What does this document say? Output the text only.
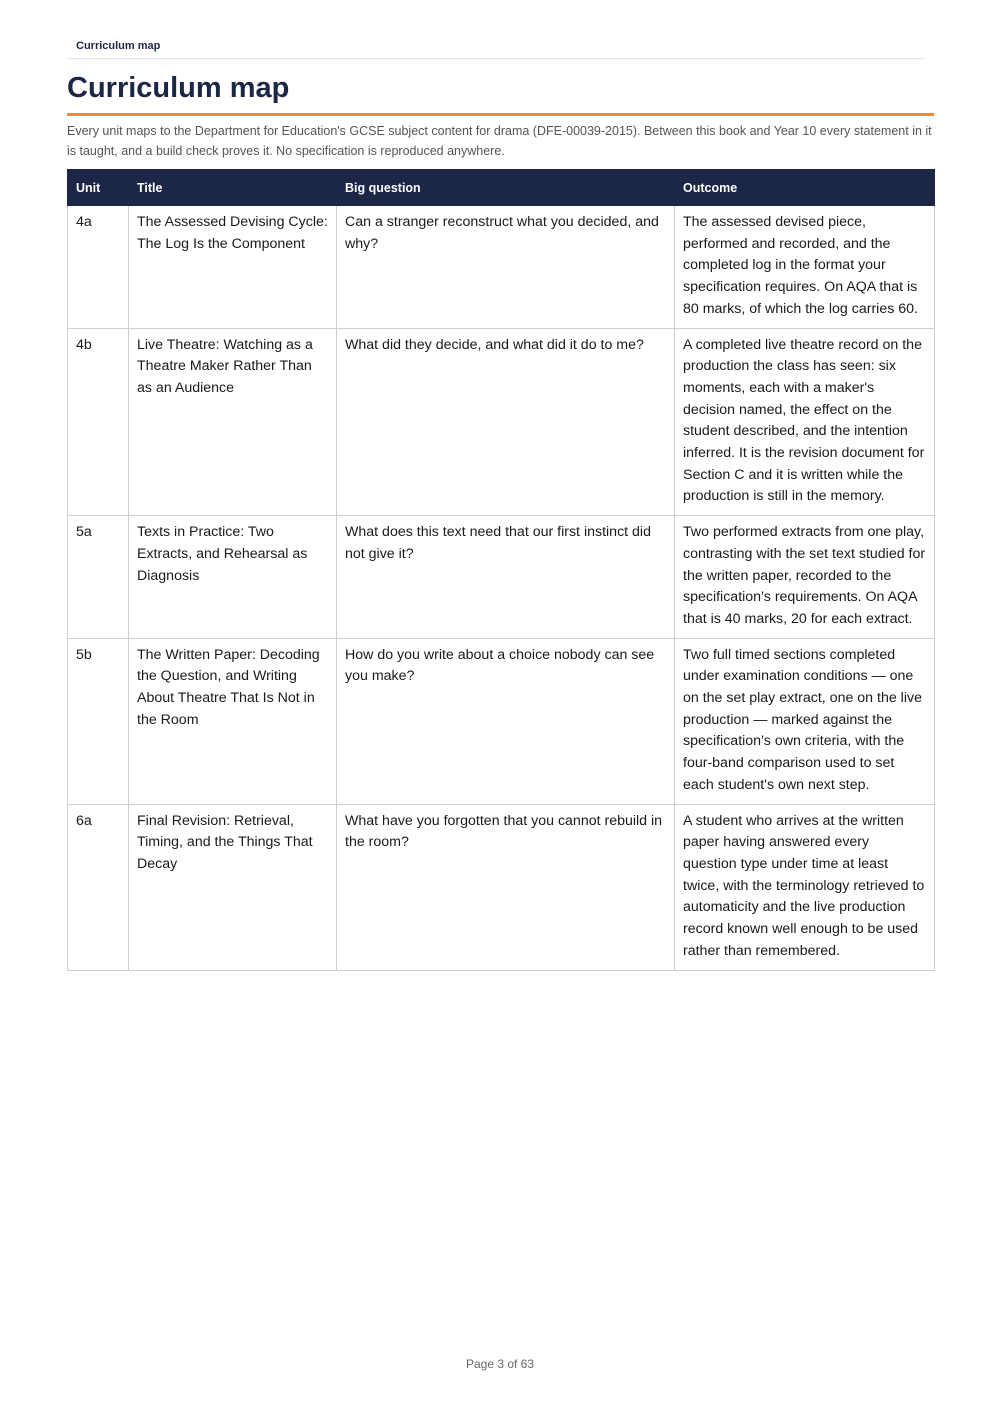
Curriculum map
Curriculum map

Every unit maps to the Department for Education's GCSE subject content for drama (DFE-00039-2015). Between this book and Year 10 every statement in it is taught, and a build check proves it. No specification is reproduced anywhere.

Unit	Title	Big question	Outcome
4a	The Assessed Devising Cycle: The Log Is the Component	Can a stranger reconstruct what you decided, and why?	The assessed devised piece, performed and recorded, and the completed log in the format your specification requires. On AQA that is 80 marks, of which the log carries 60.
4b	Live Theatre: Watching as a Theatre Maker Rather Than as an Audience	What did they decide, and what did it do to me?	A completed live theatre record on the production the class has seen: six moments, each with a maker's decision named, the effect on the student described, and the intention inferred. It is the revision document for Section C and it is written while the production is still in the memory.
5a	Texts in Practice: Two Extracts, and Rehearsal as Diagnosis	What does this text need that our first instinct did not give it?	Two performed extracts from one play, contrasting with the set text studied for the written paper, recorded to the specification's requirements. On AQA that is 40 marks, 20 for each extract.
5b	The Written Paper: Decoding the Question, and Writing About Theatre That Is Not in the Room	How do you write about a choice nobody can see you make?	Two full timed sections completed under examination conditions — one on the set play extract, one on the live production — marked against the specification's own criteria, with the four-band comparison used to set each student's own next step.
6a	Final Revision: Retrieval, Timing, and the Things That Decay	What have you forgotten that you cannot rebuild in the room?	A student who arrives at the written paper having answered every question type under time at least twice, with the terminology retrieved to automaticity and the live production record known well enough to be used rather than remembered.
Page 3 of 63
